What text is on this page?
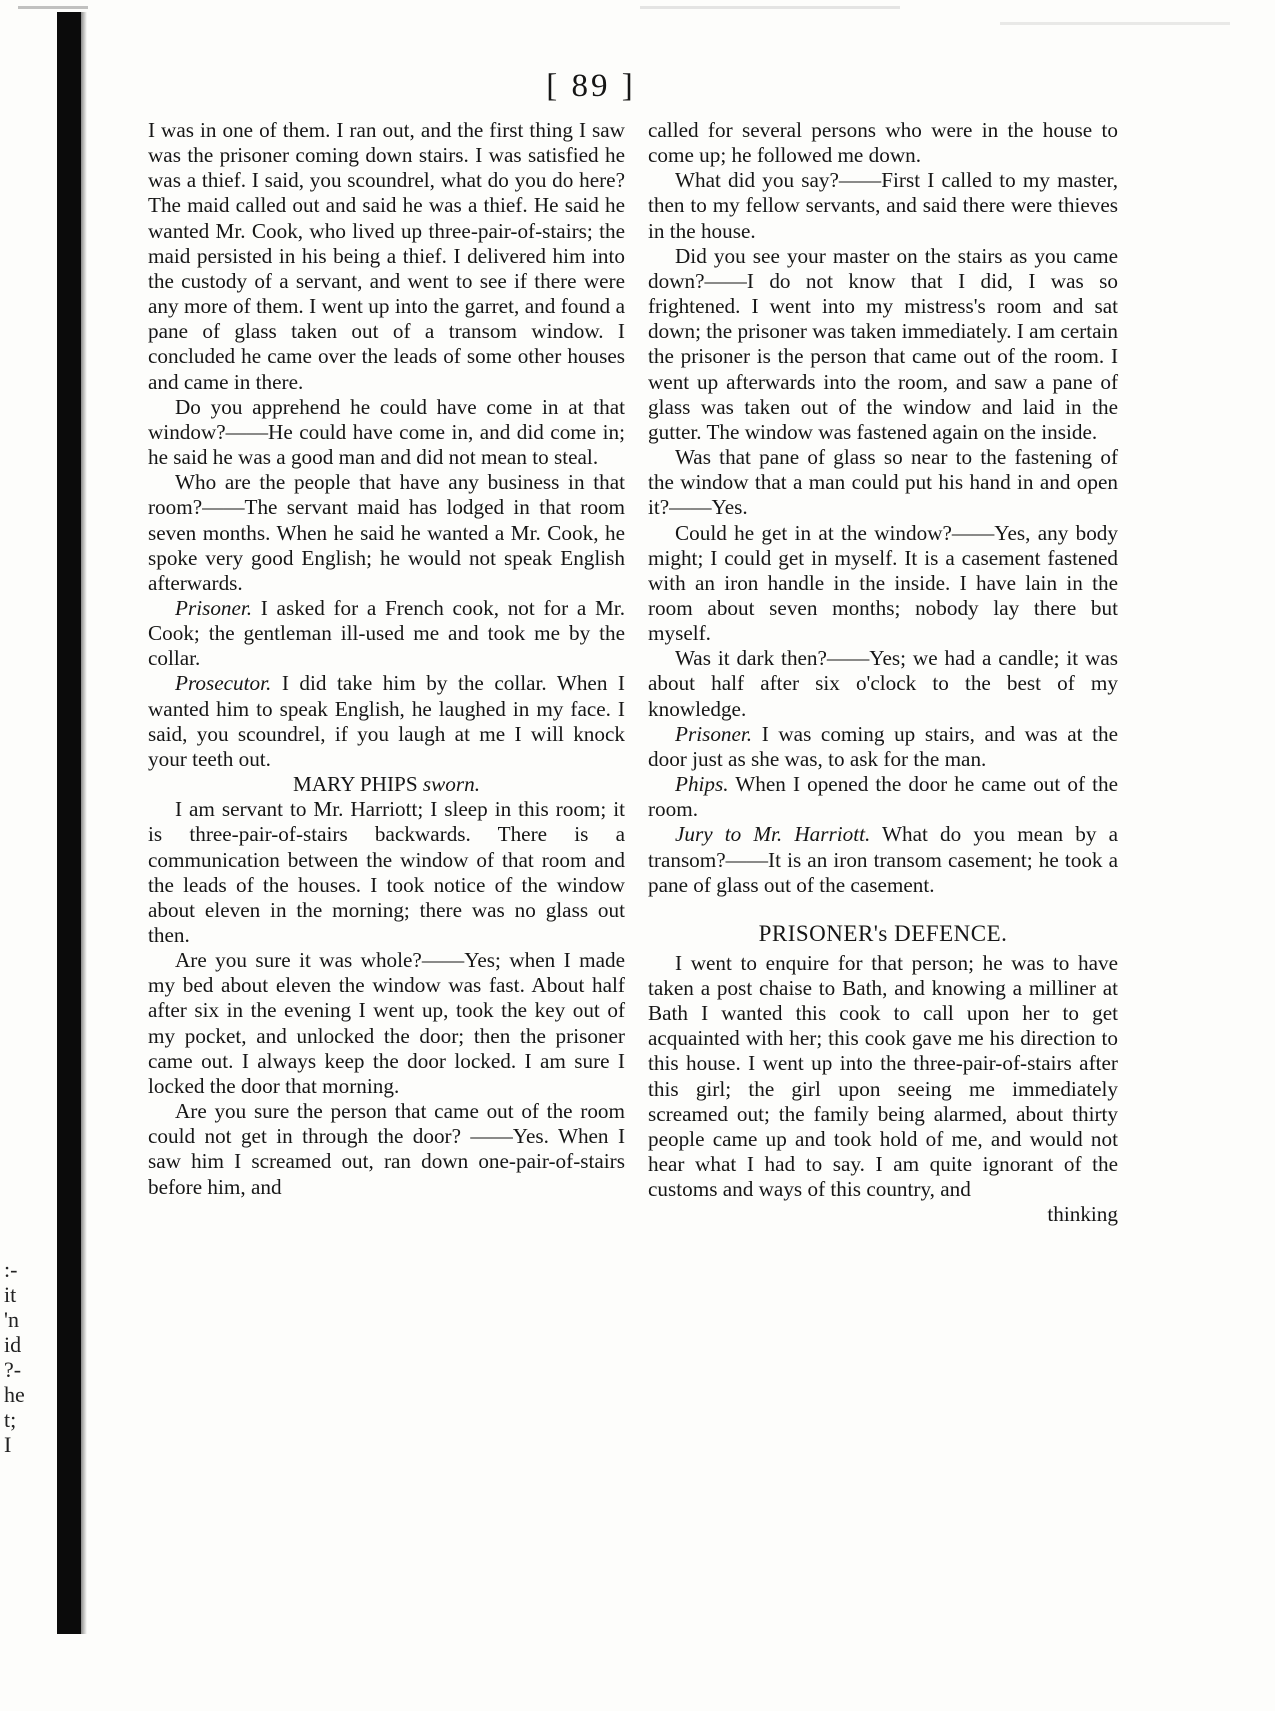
:-
it
'n
id
?-
he
t;
I
[ 89 ]

I was in one of them. I ran out, and the first thing I saw was the prisoner coming down stairs. I was satisfied he was a thief. I said, you scoundrel, what do you do here? The maid called out and said he was a thief. He said he wanted Mr. Cook, who lived up three-pair-of-stairs; the maid persisted in his being a thief. I delivered him into the custody of a servant, and went to see if there were any more of them. I went up into the garret, and found a pane of glass taken out of a transom window. I concluded he came over the leads of some other houses and came in there.

Do you apprehend he could have come in at that window?——He could have come in, and did come in; he said he was a good man and did not mean to steal.

Who are the people that have any business in that room?——The servant maid has lodged in that room seven months. When he said he wanted a Mr. Cook, he spoke very good English; he would not speak English afterwards.

Prisoner. I asked for a French cook, not for a Mr. Cook; the gentleman ill-used me and took me by the collar.

Prosecutor. I did take him by the collar. When I wanted him to speak English, he laughed in my face. I said, you scoundrel, if you laugh at me I will knock your teeth out.

MARY PHIPS sworn.

I am servant to Mr. Harriott; I sleep in this room; it is three-pair-of-stairs backwards. There is a communication between the window of that room and the leads of the houses. I took notice of the window about eleven in the morning; there was no glass out then.

Are you sure it was whole?——Yes; when I made my bed about eleven the window was fast. About half after six in the evening I went up, took the key out of my pocket, and unlocked the door; then the prisoner came out. I always keep the door locked. I am sure I locked the door that morning.

Are you sure the person that came out of the room could not get in through the door? ——Yes. When I saw him I screamed out, ran down one-pair-of-stairs before him, and

called for several persons who were in the house to come up; he followed me down.

What did you say?——First I called to my master, then to my fellow servants, and said there were thieves in the house.

Did you see your master on the stairs as you came down?——I do not know that I did, I was so frightened. I went into my mistress's room and sat down; the prisoner was taken immediately. I am certain the prisoner is the person that came out of the room. I went up afterwards into the room, and saw a pane of glass was taken out of the window and laid in the gutter. The window was fastened again on the inside.

Was that pane of glass so near to the fastening of the window that a man could put his hand in and open it?——Yes.

Could he get in at the window?——Yes, any body might; I could get in myself. It is a casement fastened with an iron handle in the inside. I have lain in the room about seven months; nobody lay there but myself.

Was it dark then?——Yes; we had a candle; it was about half after six o'clock to the best of my knowledge.

Prisoner. I was coming up stairs, and was at the door just as she was, to ask for the man.

Phips. When I opened the door he came out of the room.

Jury to Mr. Harriott. What do you mean by a transom?——It is an iron transom casement; he took a pane of glass out of the casement.

PRISONER's DEFENCE.

I went to enquire for that person; he was to have taken a post chaise to Bath, and knowing a milliner at Bath I wanted this cook to call upon her to get acquainted with her; this cook gave me his direction to this house. I went up into the three-pair-of-stairs after this girl; the girl upon seeing me immediately screamed out; the family being alarmed, about thirty people came up and took hold of me, and would not hear what I had to say. I am quite ignorant of the customs and ways of this country, and

thinking
